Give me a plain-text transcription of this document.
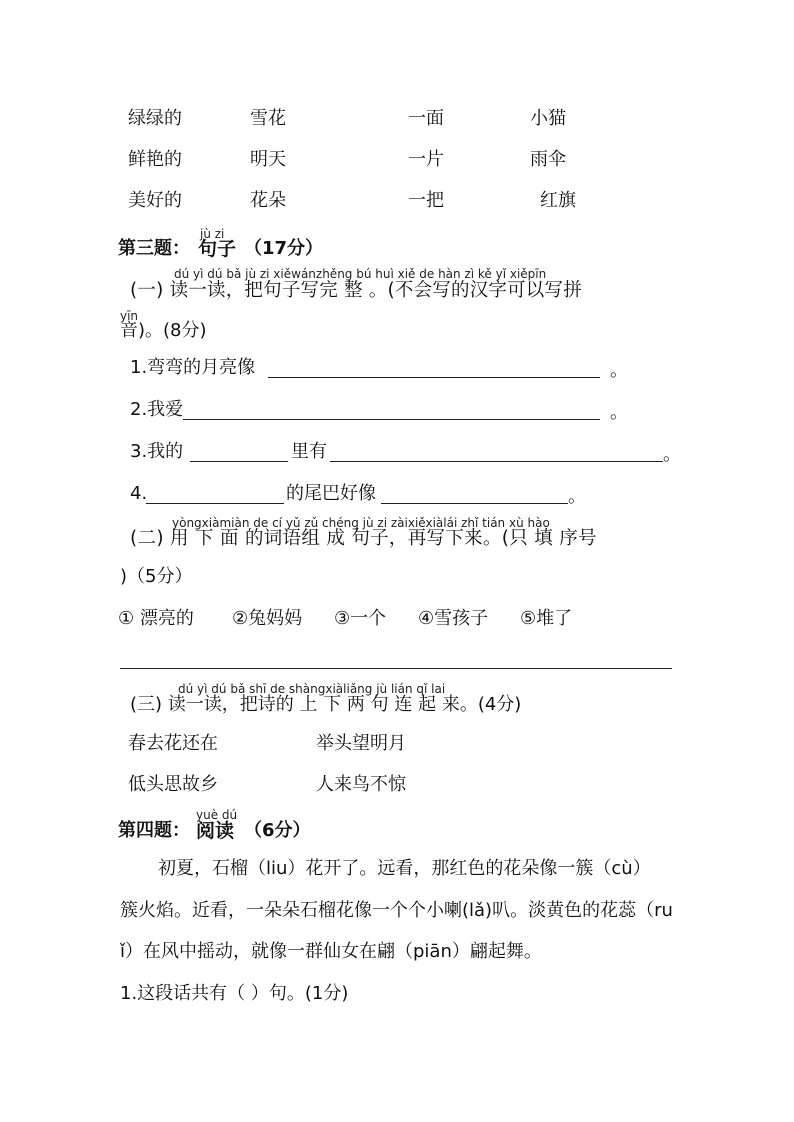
绿绿的	雪花	一面	小猫
鲜艳的	明天	一片	雨伞
美好的	花朵	一把	红旗
jù zi
第三题： 句子 （17分）
dú yì dú bǎ jù zi xiěwánzhěng bú huì xiě de hàn zì kě yǐ xiěpīn
(一) 读一读，把句子写完 整 。(不会写的汉字可以写拼
yīn
音)。(8分)
1.弯弯的月亮像	。
2.我爱	。
3.我的	里有	。
4.	的尾巴好像	。
yòngxiàmiàn de cí yǔ zǔ chéng jù zi zàixiěxiàlái zhǐ tián xù hào
(二) 用 下 面 的词语组 成 句子，再写下来。(只 填 序号
)（5分）
① 漂亮的 ②兔妈妈 ③一个 ④雪孩子 ⑤堆了
dú yì dú bǎ shī de shàngxiàliǎng jù lián qǐ lai
(三) 读一读，把诗的 上 下 两 句 连 起 来。(4分)
春去花还在	举头望明月
低头思故乡	人来鸟不惊
yuè dú
第四题： 阅读 （6分）
初夏，石榴（liu）花开了。远看，那红色的花朵像一簇（cù）
簇火焰。近看，一朵朵石榴花像一个个小喇(lǎ)叭。淡黄色的花蕊（ru
ǐ）在风中摇动，就像一群仙女在翩（piān）翩起舞。
1.这段话共有（ ）句。(1分)
